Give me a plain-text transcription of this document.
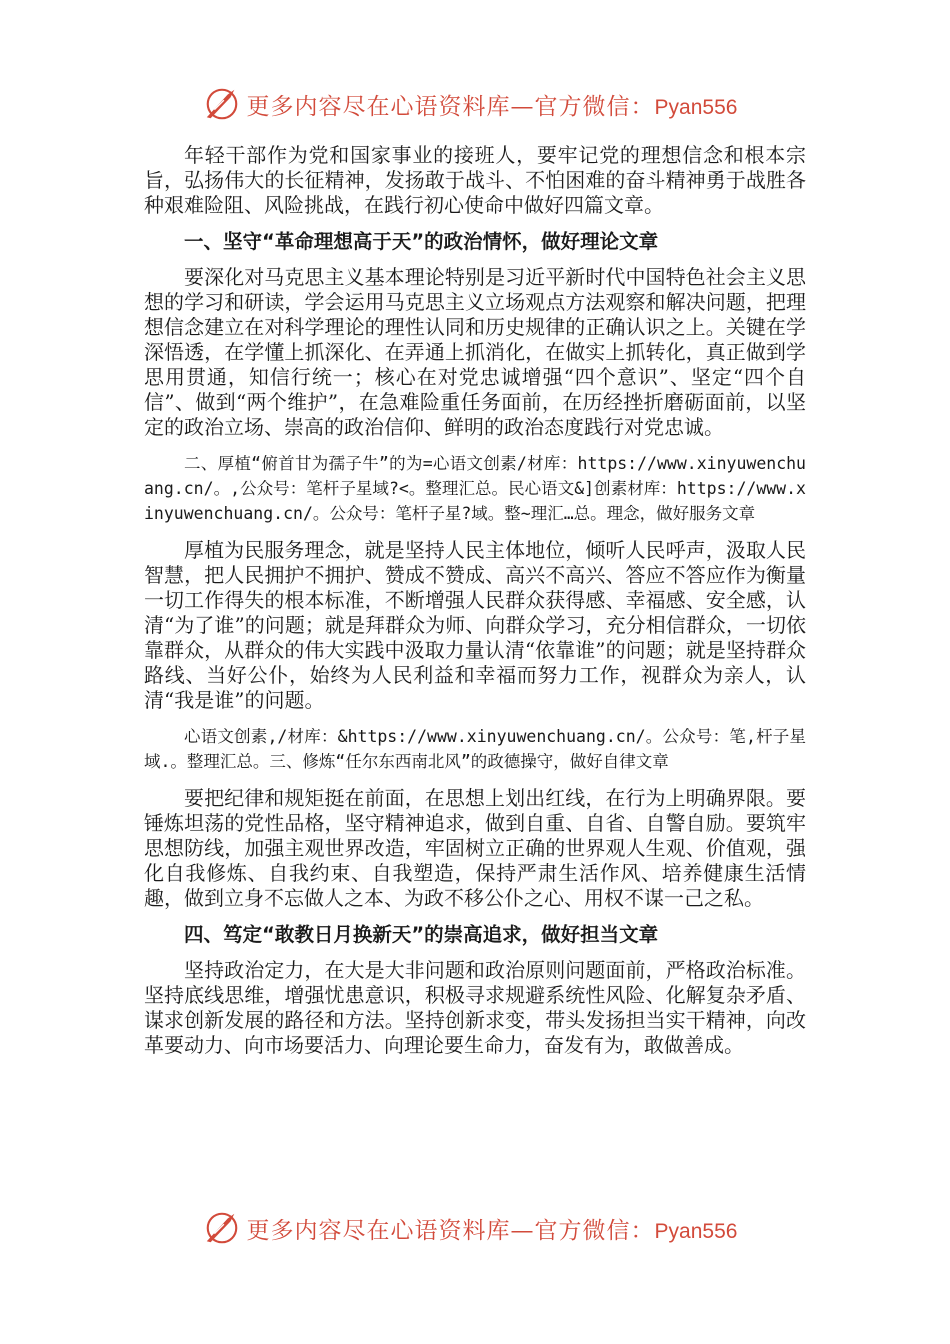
更多内容尽在心语资料库—官方微信：Pyan556

年轻干部作为党和国家事业的接班人，要牢记党的理想信念和根本宗旨，弘扬伟大的长征精神，发扬敢于战斗、不怕困难的奋斗精神勇于战胜各种艰难险阻、风险挑战，在践行初心使命中做好四篇文章。

一、坚守“革命理想高于天”的政治情怀，做好理论文章

要深化对马克思主义基本理论特别是习近平新时代中国特色社会主义思想的学习和研读，学会运用马克思主义立场观点方法观察和解决问题，把理想信念建立在对科学理论的理性认同和历史规律的正确认识之上。关键在学深悟透，在学懂上抓深化、在弄通上抓消化，在做实上抓转化，真正做到学思用贯通，知信行统一；核心在对党忠诚增强“四个意识”、坚定“四个自信”、做到“两个维护”，在急难险重任务面前，在历经挫折磨砺面前，以坚定的政治立场、崇高的政治信仰、鲜明的政治态度践行对党忠诚。

二、厚植“俯首甘为孺子牛”的为=心语文创素/材库：https://www.xinyuwenchuang.cn/。,公众号：笔杆子星域?<。整理汇总。民心语文&]创素材库：https://www.xinyuwenchuang.cn/。公众号：笔杆子星?域。整~理汇…总。理念，做好服务文章

厚植为民服务理念，就是坚持人民主体地位，倾听人民呼声，汲取人民智慧，把人民拥护不拥护、赞成不赞成、高兴不高兴、答应不答应作为衡量一切工作得失的根本标准，不断增强人民群众获得感、幸福感、安全感，认清“为了谁”的问题；就是拜群众为师、向群众学习，充分相信群众，一切依靠群众，从群众的伟大实践中汲取力量认清“依靠谁”的问题；就是坚持群众路线、当好公仆，始终为人民利益和幸福而努力工作，视群众为亲人，认清“我是谁”的问题。

心语文创素,/材库：&https://www.xinyuwenchuang.cn/。公众号：笔,杆子星域.。整理汇总。三、修炼“任尔东西南北风”的政德操守，做好自律文章

要把纪律和规矩挺在前面，在思想上划出红线，在行为上明确界限。要锤炼坦荡的党性品格，坚守精神追求，做到自重、自省、自警自励。要筑牢思想防线，加强主观世界改造，牢固树立正确的世界观人生观、价值观，强化自我修炼、自我约束、自我塑造，保持严肃生活作风、培养健康生活情趣，做到立身不忘做人之本、为政不移公仆之心、用权不谋一己之私。

四、笃定“敢教日月换新天”的崇高追求，做好担当文章

坚持政治定力，在大是大非问题和政治原则问题面前，严格政治标准。坚持底线思维，增强忧患意识，积极寻求规避系统性风险、化解复杂矛盾、谋求创新发展的路径和方法。坚持创新求变，带头发扬担当实干精神，向改革要动力、向市场要活力、向理论要生命力，奋发有为，敢做善成。

更多内容尽在心语资料库—官方微信：Pyan556
